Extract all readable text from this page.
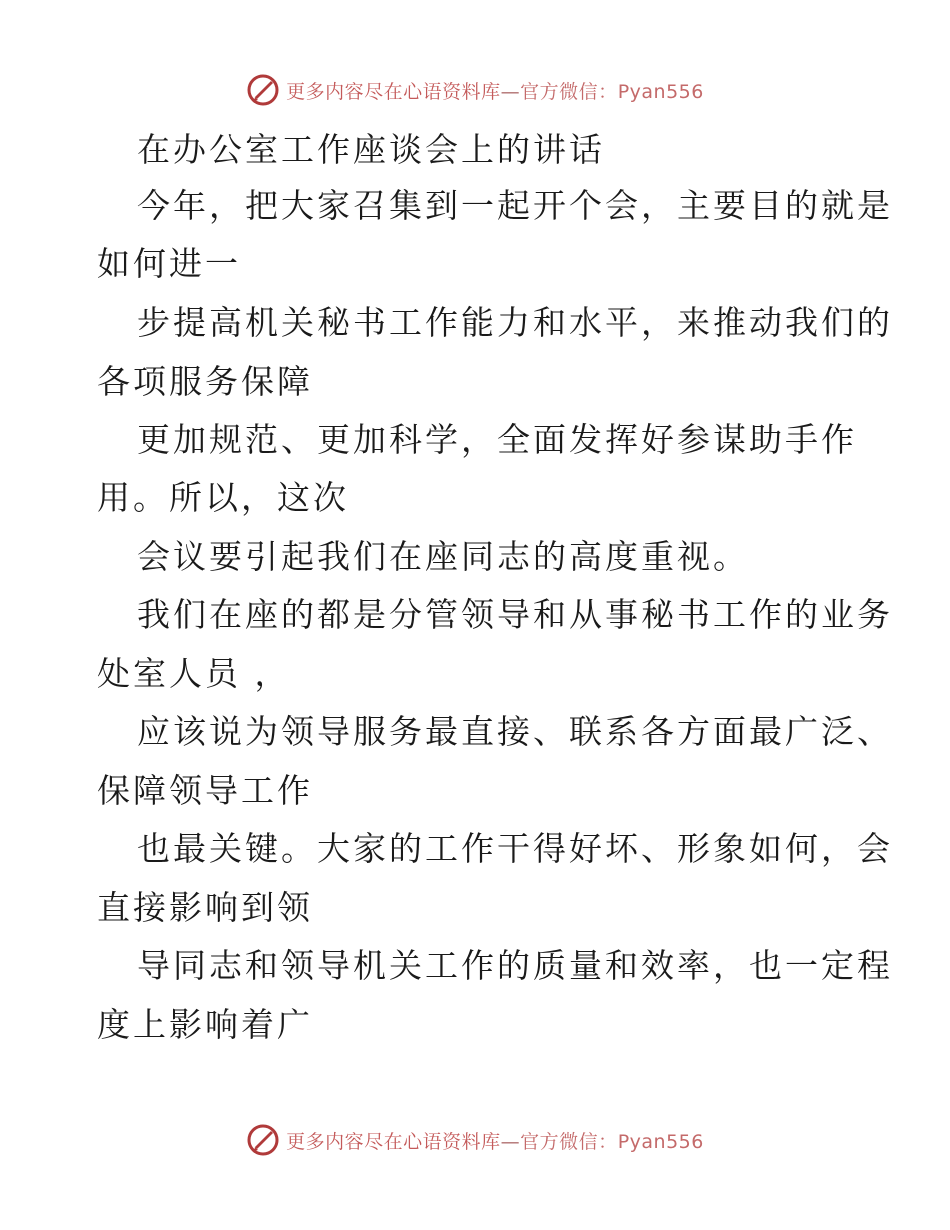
更多内容尽在心语资料库—官方微信：Pyan556
在办公室工作座谈会上的讲话
今年，把大家召集到一起开个会，主要目的就是
如何进一
步提高机关秘书工作能力和水平，来推动我们的
各项服务保障
更加规范、更加科学，全面发挥好参谋助手作
用。所以，这次
会议要引起我们在座同志的高度重视。
我们在座的都是分管领导和从事秘书工作的业务
处室人员 ，
应该说为领导服务最直接、联系各方面最广泛、
保障领导工作
也最关键。大家的工作干得好坏、形象如何，会
直接影响到领
导同志和领导机关工作的质量和效率，也一定程
度上影响着广
更多内容尽在心语资料库—官方微信：Pyan556
